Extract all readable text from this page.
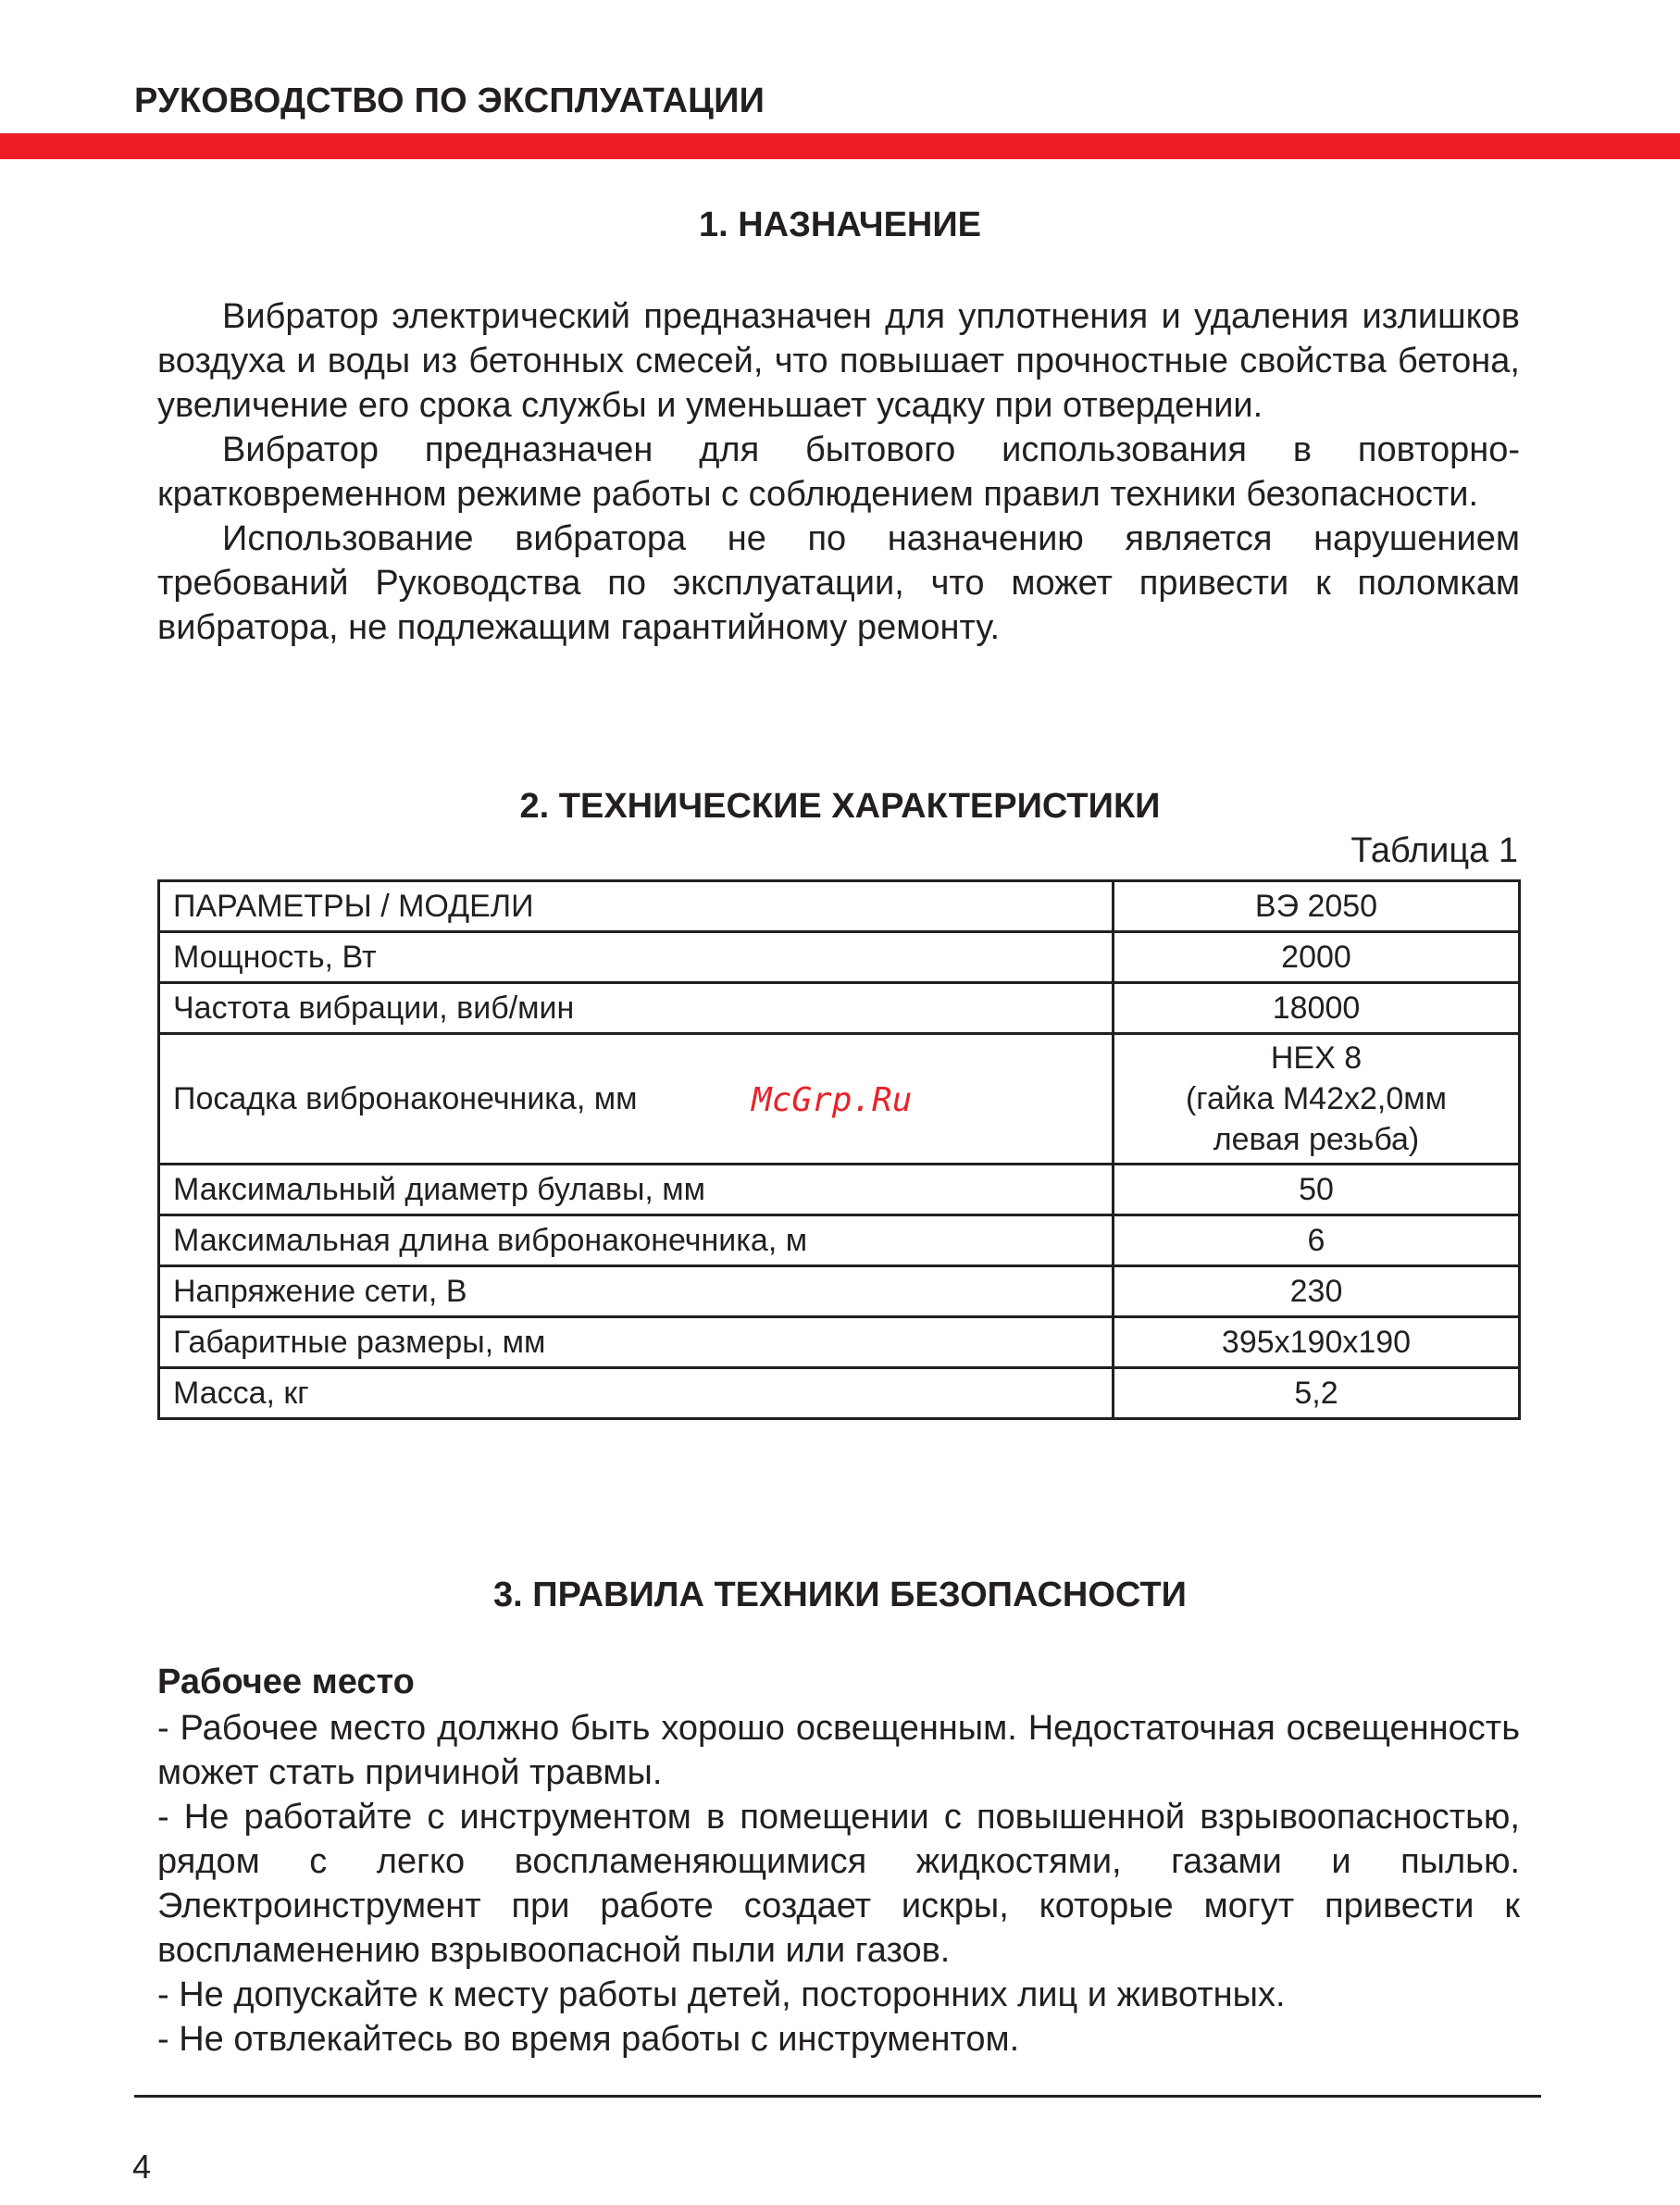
РУКОВОДСТВО ПО ЭКСПЛУАТАЦИИ
1. НАЗНАЧЕНИЕ

Вибратор электрический предназначен для уплотнения и удаления излишков воздуха и воды из бетонных смесей, что повышает прочностные свойства бетона, увеличение его срока службы и уменьшает усадку при отвердении.

Вибратор предназначен для бытового использования в повторно-кратковременном режиме работы с соблюдением правил техники безопасности.

Использование вибратора не по назначению является нарушением требований Руководства по эксплуатации, что может привести к поломкам вибратора, не подлежащим гарантийному ремонту.

2. ТЕХНИЧЕСКИЕ ХАРАКТЕРИСТИКИ
Таблица 1
ПАРАМЕТРЫ / МОДЕЛИ	ВЭ 2050
Мощность, Вт	2000
Частота вибрации, виб/мин	18000
Посадка вибронаконечника, мм	HEX 8
(гайка М42х2,0мм
левая резьба)

Максимальный диаметр булавы, мм	50
Максимальная длина вибронаконечника, м	6
Напряжение сети, В	230
Габаритные размеры, мм	395х190х190
Масса, кг	5,2
McGrp.Ru
3. ПРАВИЛА ТЕХНИКИ БЕЗОПАСНОСТИ
Рабочее место

- Рабочее место должно быть хорошо освещенным. Недостаточная освещенность может стать причиной травмы.

- Не работайте с инструментом в помещении с повышенной взрывоопасностью, рядом с легко воспламеняющимися жидкостями, газами и пылью. Электроинструмент при работе создает искры, которые могут привести к воспламенению взрывоопасной пыли или газов.

- Не допускайте к месту работы детей, посторонних лиц и животных.

- Не отвлекайтесь во время работы с инструментом.

4
